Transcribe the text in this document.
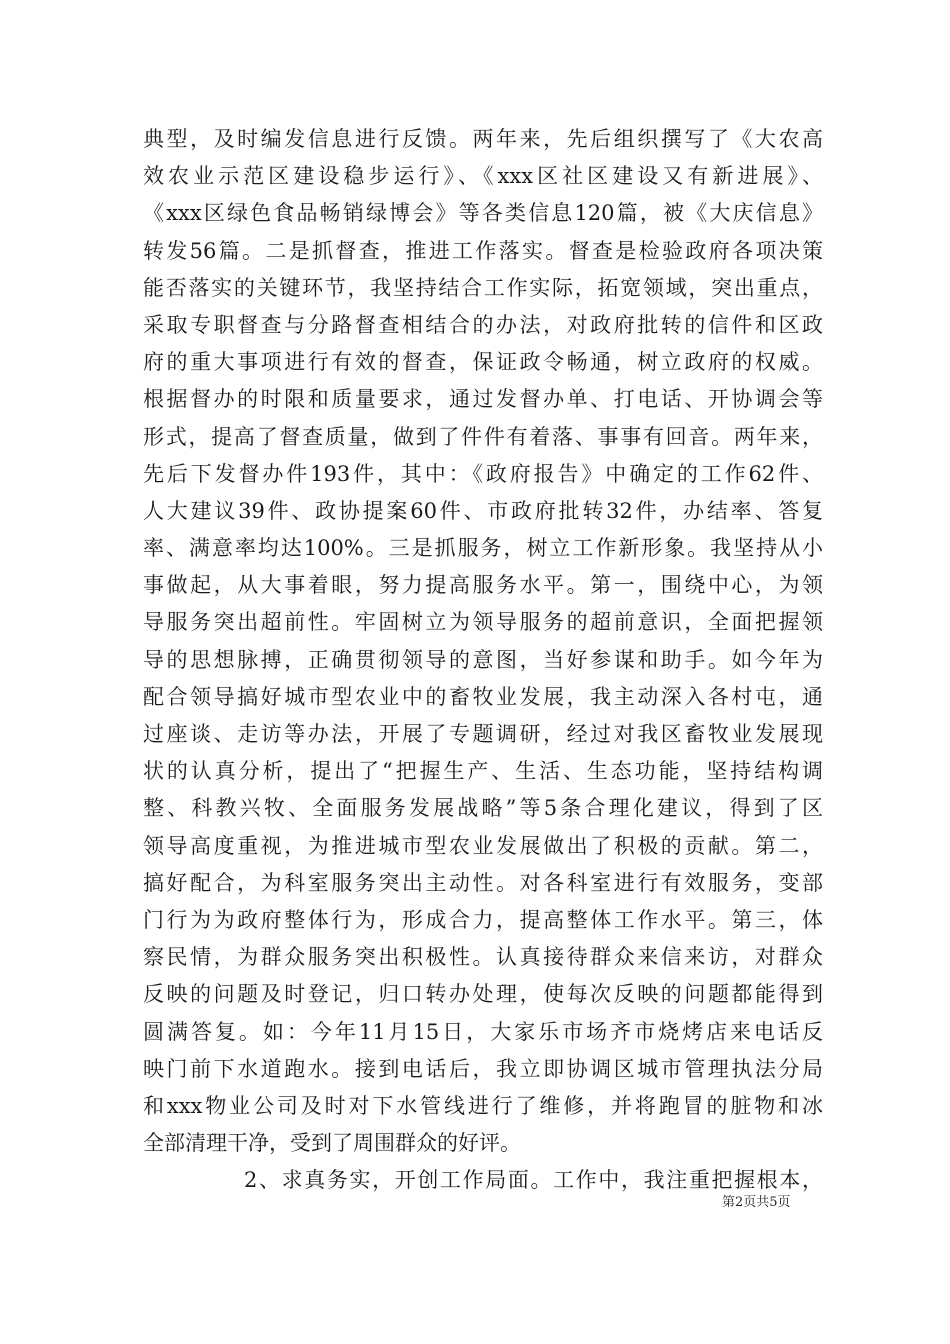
典型，及时编发信息进行反馈。两年来，先后组织撰写了《大农高
效农业示范区建设稳步运行》、《xxx区社区建设又有新进展》、
《xxx区绿色食品畅销绿博会》等各类信息120篇，被《大庆信息》
转发56篇。二是抓督查，推进工作落实。督查是检验政府各项决策
能否落实的关键环节，我坚持结合工作实际，拓宽领域，突出重点，
采取专职督查与分路督查相结合的办法，对政府批转的信件和区政
府的重大事项进行有效的督查，保证政令畅通，树立政府的权威。
根据督办的时限和质量要求，通过发督办单、打电话、开协调会等
形式，提高了督查质量，做到了件件有着落、事事有回音。两年来，
先后下发督办件193件，其中：《政府报告》中确定的工作62件、
人大建议39件、政协提案60件、市政府批转32件，办结率、答复
率、满意率均达100%。三是抓服务，树立工作新形象。我坚持从小
事做起，从大事着眼，努力提高服务水平。第一，围绕中心，为领
导服务突出超前性。牢固树立为领导服务的超前意识，全面把握领
导的思想脉搏，正确贯彻领导的意图，当好参谋和助手。如今年为
配合领导搞好城市型农业中的畜牧业发展，我主动深入各村屯，通
过座谈、走访等办法，开展了专题调研，经过对我区畜牧业发展现
状的认真分析，提出了“把握生产、生活、生态功能，坚持结构调
整、科教兴牧、全面服务发展战略”等5条合理化建议，得到了区
领导高度重视，为推进城市型农业发展做出了积极的贡献。第二，
搞好配合，为科室服务突出主动性。对各科室进行有效服务，变部
门行为为政府整体行为，形成合力，提高整体工作水平。第三，体
察民情，为群众服务突出积极性。认真接待群众来信来访，对群众
反映的问题及时登记，归口转办处理，使每次反映的问题都能得到
圆满答复。如：今年11月15日，大家乐市场齐市烧烤店来电话反
映门前下水道跑水。接到电话后，我立即协调区城市管理执法分局
和xxx物业公司及时对下水管线进行了维修，并将跑冒的脏物和冰
全部清理干净，受到了周围群众的好评。
2、求真务实，开创工作局面。工作中，我注重把握根本，
第2页共5页
